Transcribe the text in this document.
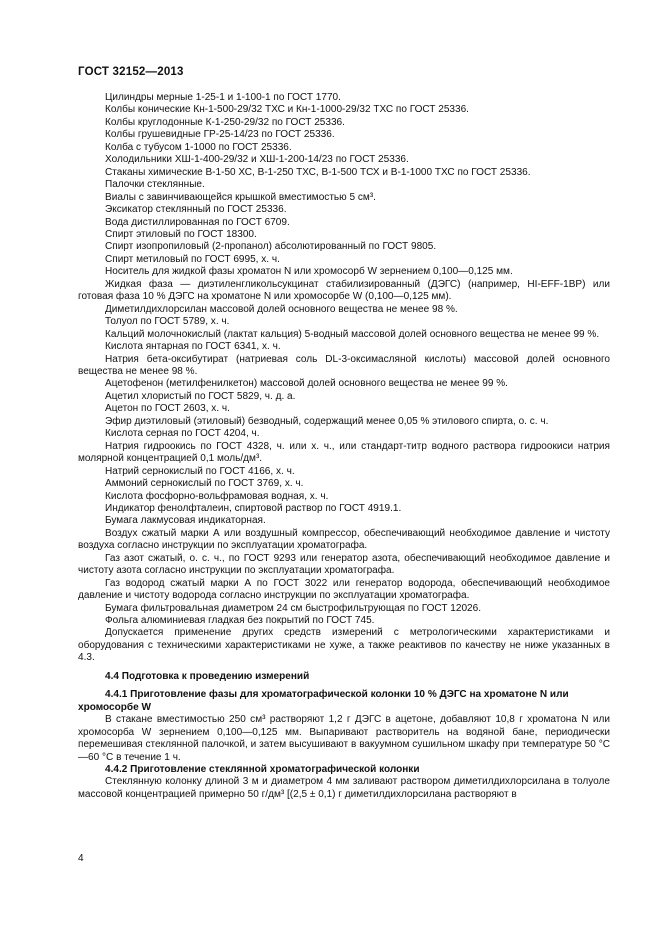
ГОСТ 32152—2013

Цилиндры мерные 1-25-1 и 1-100-1 по ГОСТ 1770.

Колбы конические Кн-1-500-29/32 ТХС и Кн-1-1000-29/32 ТХС по ГОСТ 25336.

Колбы круглодонные К-1-250-29/32 по ГОСТ 25336.

Колбы грушевидные ГР-25-14/23 по ГОСТ 25336.

Колба с тубусом 1-1000 по ГОСТ 25336.

Холодильники ХШ-1-400-29/32 и ХШ-1-200-14/23 по ГОСТ 25336.

Стаканы химические В-1-50 ХС, В-1-250 ТХС, В-1-500 ТСХ и В-1-1000 ТХС по ГОСТ 25336.

Палочки стеклянные.

Виалы с завинчивающейся крышкой вместимостью 5 см³.

Эксикатор стеклянный по ГОСТ 25336.

Вода дистиллированная по ГОСТ 6709.

Спирт этиловый по ГОСТ 18300.

Спирт изопропиловый (2-пропанол) абсолютированный по ГОСТ 9805.

Спирт метиловый по ГОСТ 6995, х. ч.

Носитель для жидкой фазы хроматон N или хромосорб W зернением 0,100—0,125 мм.

Жидкая фаза — диэтиленгликольсукцинат стабилизированный (ДЭГС) (например, HI-EFF-1BP) или готовая фаза 10 % ДЭГС на хроматоне N или хромосорбе W (0,100—0,125 мм).

Диметилдихлорсилан массовой долей основного вещества не менее 98 %.

Толуол по ГОСТ 5789, х. ч.

Кальций молочнокислый (лактат кальция) 5-водный массовой долей основного вещества не менее 99 %.

Кислота янтарная по ГОСТ 6341, х. ч.

Натрия бета-оксибутират (натриевая соль DL-3-оксимасляной кислоты) массовой долей основного вещества не менее 98 %.

Ацетофенон (метилфенилкетон) массовой долей основного вещества не менее 99 %.

Ацетил хлористый по ГОСТ 5829, ч. д. а.

Ацетон по ГОСТ 2603, х. ч.

Эфир диэтиловый (этиловый) безводный, содержащий менее 0,05 % этилового спирта, о. с. ч.

Кислота серная по ГОСТ 4204, ч.

Натрия гидроокись по ГОСТ 4328, ч. или х. ч., или стандарт-титр водного раствора гидроокиси натрия молярной концентрацией 0,1 моль/дм³.

Натрий сернокислый по ГОСТ 4166, х. ч.

Аммоний сернокислый по ГОСТ 3769, х. ч.

Кислота фосфорно-вольфрамовая водная, х. ч.

Индикатор фенолфталеин, спиртовой раствор по ГОСТ 4919.1.

Бумага лакмусовая индикаторная.

Воздух сжатый марки А или воздушный компрессор, обеспечивающий необходимое давление и чистоту воздуха согласно инструкции по эксплуатации хроматографа.

Газ азот сжатый, о. с. ч., по ГОСТ 9293 или генератор азота, обеспечивающий необходимое давление и чистоту азота согласно инструкции по эксплуатации хроматографа.

Газ водород сжатый марки А по ГОСТ 3022 или генератор водорода, обеспечивающий необходимое давление и чистоту водорода согласно инструкции по эксплуатации хроматографа.

Бумага фильтровальная диаметром 24 см быстрофильтрующая по ГОСТ 12026.

Фольга алюминиевая гладкая без покрытий по ГОСТ 745.

Допускается применение других средств измерений с метрологическими характеристиками и оборудования с техническими характеристиками не хуже, а также реактивов по качеству не ниже указанных в 4.3.

4.4 Подготовка к проведению измерений

4.4.1 Приготовление фазы для хроматографической колонки 10 % ДЭГС на хроматоне N или хромосорбе W

В стакане вместимостью 250 см³ растворяют 1,2 г ДЭГС в ацетоне, добавляют 10,8 г хроматона N или хромосорба W зернением 0,100—0,125 мм. Выпаривают растворитель на водяной бане, периодически перемешивая стеклянной палочкой, и затем высушивают в вакуумном сушильном шкафу при температуре 50 °С—60 °С в течение 1 ч.

4.4.2 Приготовление стеклянной хроматографической колонки

Стеклянную колонку длиной 3 м и диаметром 4 мм заливают раствором диметилдихлорсилана в толуоле массовой концентрацией примерно 50 г/дм³ [(2,5 ± 0,1) г диметилдихлорсилана растворяют в

4
